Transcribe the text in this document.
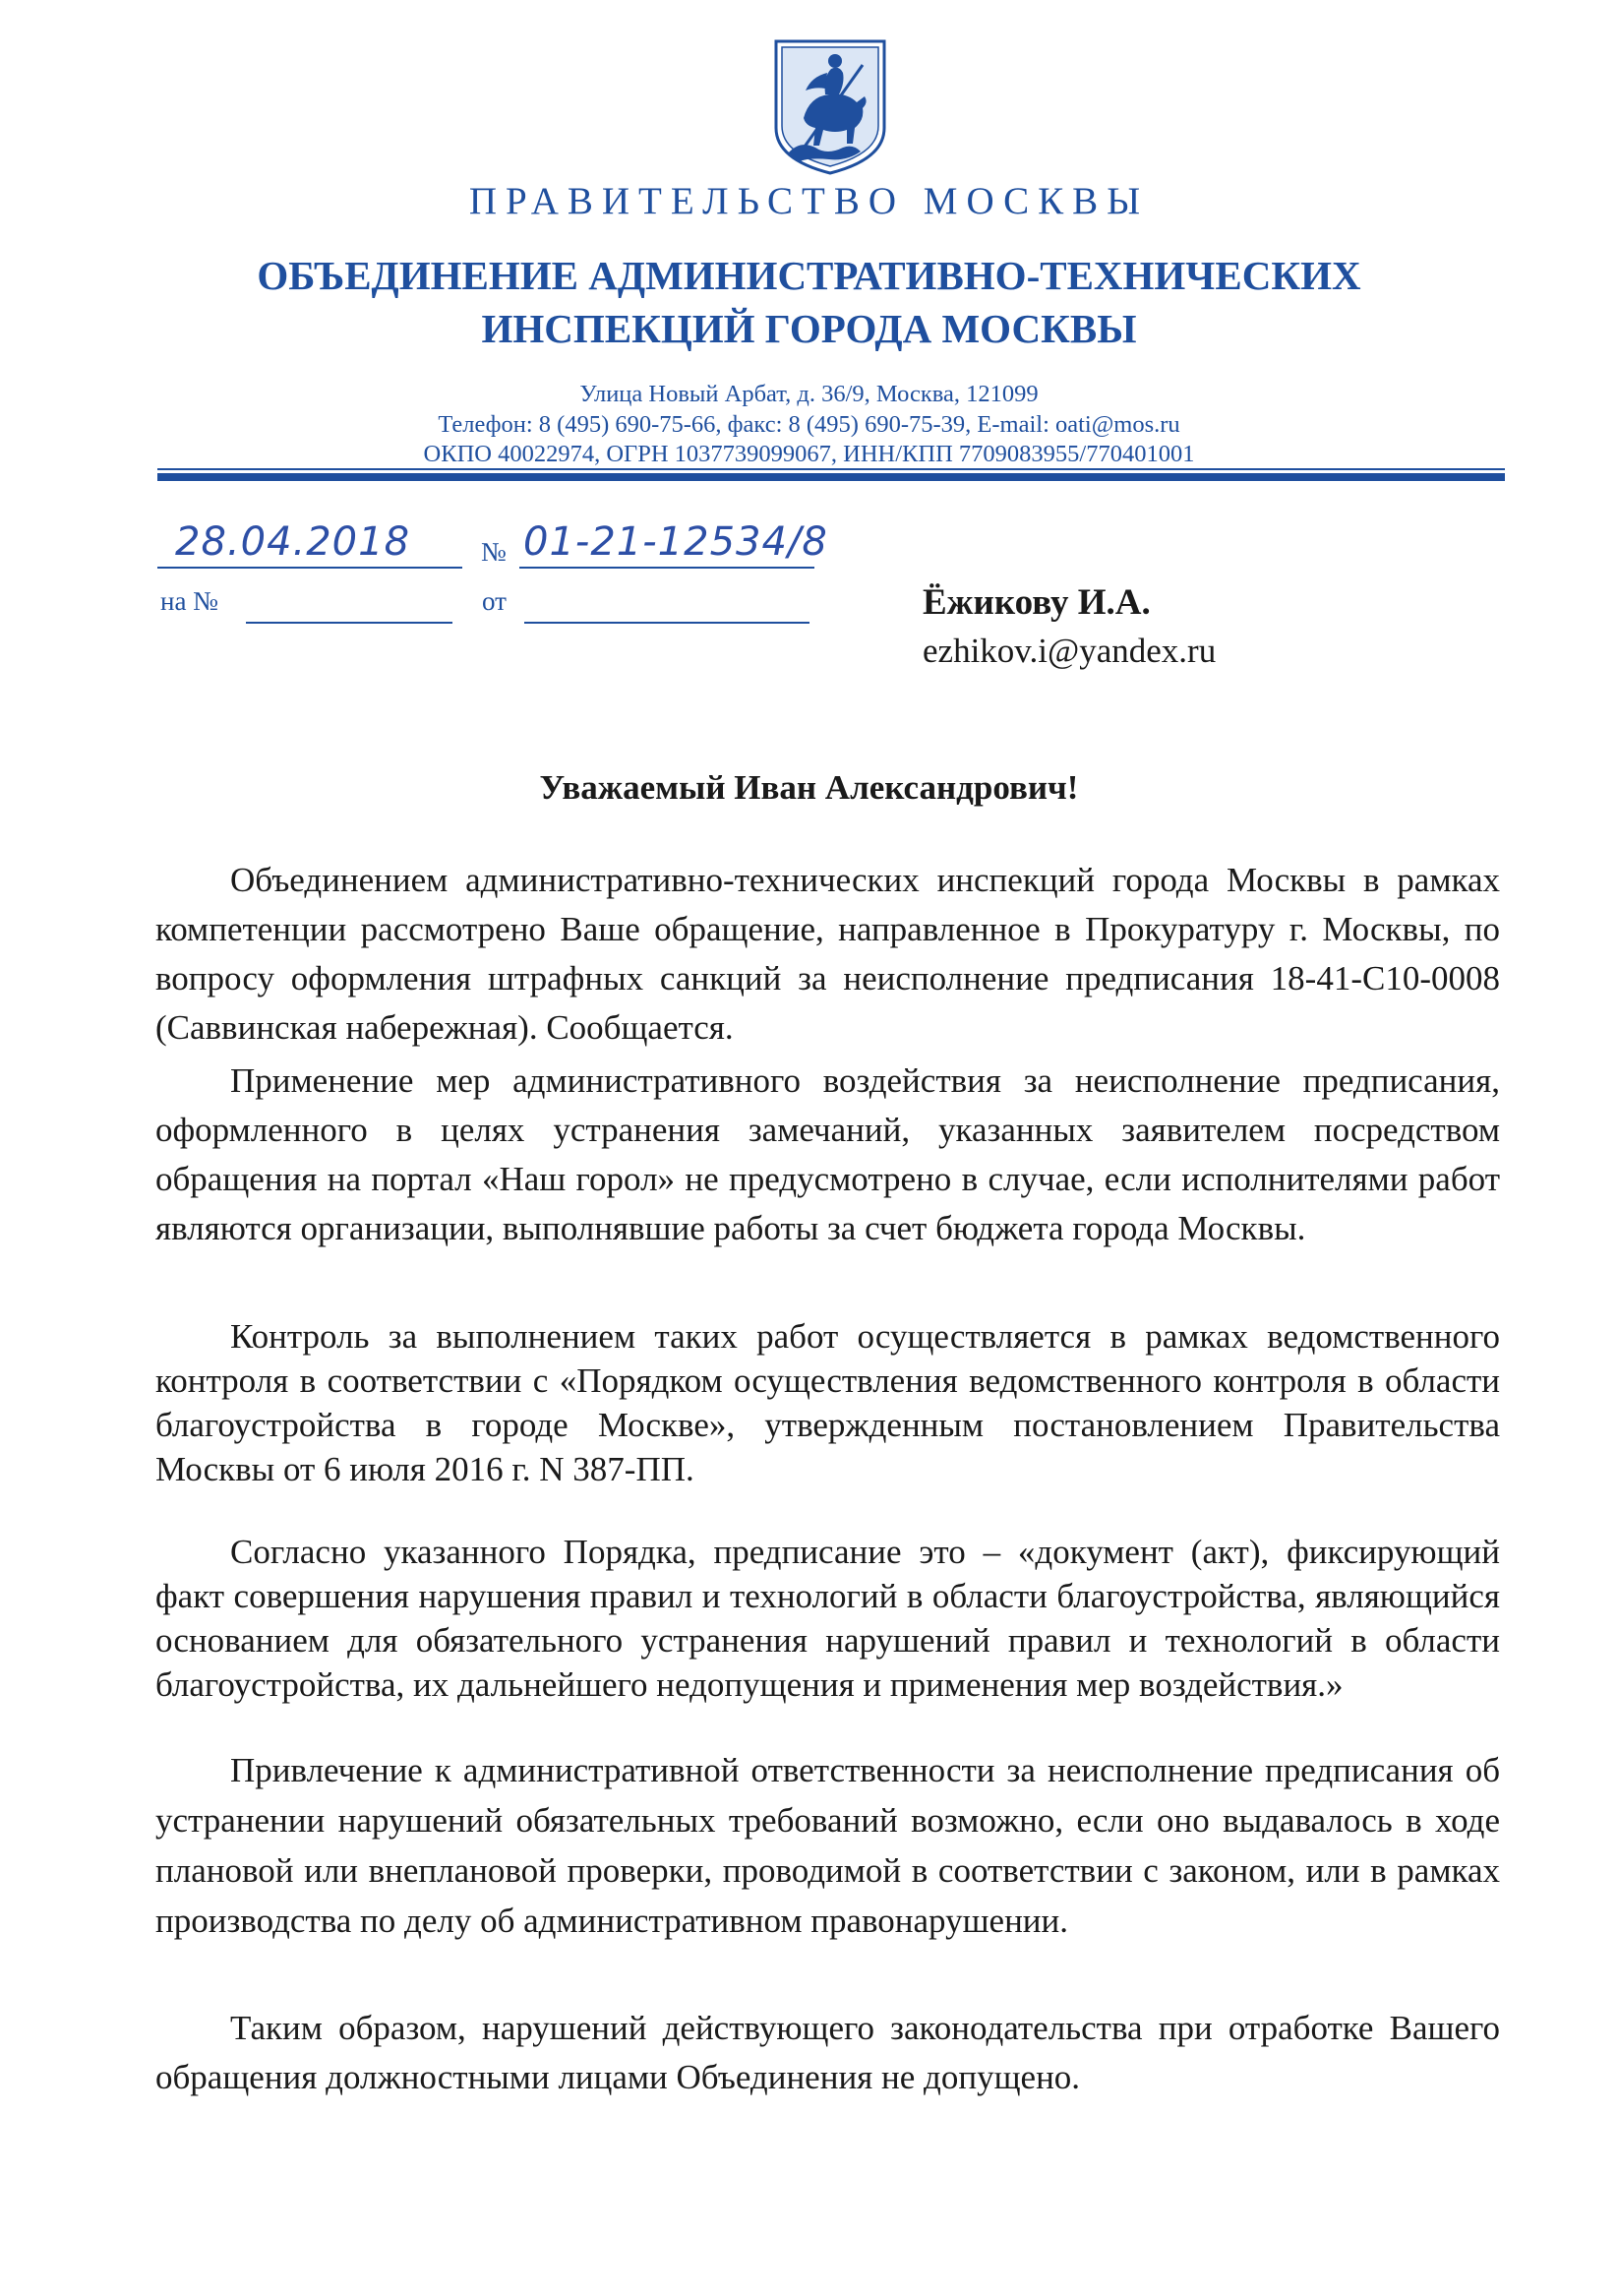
ПРАВИТЕЛЬСТВО МОСКВЫ
ОБЪЕДИНЕНИЕ АДМИНИСТРАТИВНО-ТЕХНИЧЕСКИХ
ИНСПЕКЦИЙ ГОРОДА МОСКВЫ
Улица Новый Арбат, д. 36/9, Москва, 121099
Телефон: 8 (495) 690-75-66, факс: 8 (495) 690-75-39, E-mail: oati@mos.ru
ОКПО 40022974, ОГРН 1037739099067, ИНН/КПП 7709083955/770401001
28.04.2018	№ 01-21-12534/8
на №	от	Ёжикову И.А.
ezhikov.i@yandex.ru
Уважаемый Иван Александрович!
Объединением административно-технических инспекций города Москвы в рамках компетенции рассмотрено Ваше обращение, направленное в Прокуратуру г. Москвы, по вопросу оформления штрафных санкций за неисполнение предписания 18-41-С10-0008 (Саввинская набережная). Сообщается.
Применение мер административного воздействия за неисполнение предписания, оформленного в целях устранения замечаний, указанных заявителем посредством обращения на портал «Наш горол» не предусмотрено в случае, если исполнителями работ являются организации, выполнявшие работы за счет бюджета города Москвы.
Контроль за выполнением таких работ осуществляется в рамках ведомственного контроля в соответствии с «Порядком осуществления ведомственного контроля в области благоустройства в городе Москве», утвержденным постановлением Правительства Москвы от 6 июля 2016 г. N 387-ПП.
Согласно указанного Порядка, предписание это – «документ (акт), фиксирующий факт совершения нарушения правил и технологий в области благоустройства, являющийся основанием для обязательного устранения нарушений правил и технологий в области благоустройства, их дальнейшего недопущения и применения мер воздействия.»
Привлечение к административной ответственности за неисполнение предписания об устранении нарушений обязательных требований возможно, если оно выдавалось в ходе плановой или внеплановой проверки, проводимой в соответствии с законом, или в рамках производства по делу об административном правонарушении.
Таким образом, нарушений действующего законодательства при отработке Вашего обращения должностными лицами Объединения не допущено.
